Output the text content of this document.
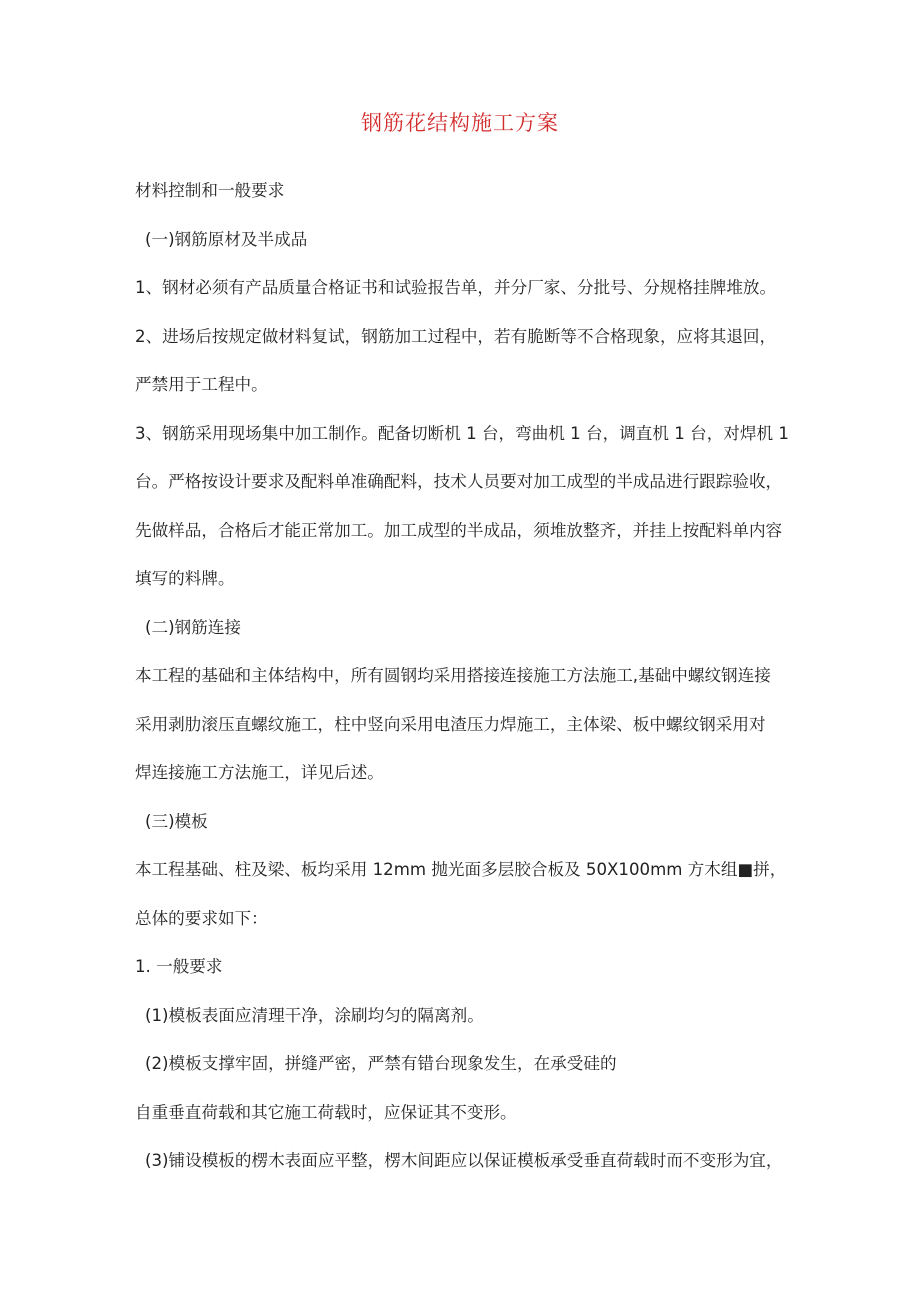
钢筋花结构施工方案
材料控制和一般要求
(一)钢筋原材及半成品
1、钢材必须有产品质量合格证书和试验报告单，并分厂家、分批号、分规格挂牌堆放。
2、进场后按规定做材料复试，钢筋加工过程中，若有脆断等不合格现象，应将其退回，
严禁用于工程中。
3、钢筋采用现场集中加工制作。配备切断机 1 台，弯曲机 1 台，调直机 1 台，对焊机 1
台。严格按设计要求及配料单准确配料，技术人员要对加工成型的半成品进行跟踪验收，
先做样品，合格后才能正常加工。加工成型的半成品，须堆放整齐，并挂上按配料单内容
填写的料牌。
(二)钢筋连接
本工程的基础和主体结构中，所有圆钢均采用搭接连接施工方法施工,基础中螺纹钢连接
采用剥肋滚压直螺纹施工，柱中竖向采用电渣压力焊施工，主体梁、板中螺纹钢采用对
焊连接施工方法施工，详见后述。
(三)模板
本工程基础、柱及梁、板均采用 12mm 抛光面多层胶合板及 50X100mm 方木组■拼，
总体的要求如下：
1. 一般要求
(1)模板表面应清理干净，涂刷均匀的隔离剂。
(2)模板支撑牢固，拼缝严密，严禁有错台现象发生，在承受硅的
自重垂直荷载和其它施工荷载时，应保证其不变形。
(3)铺设模板的楞木表面应平整，楞木间距应以保证模板承受垂直荷载时而不变形为宜，
